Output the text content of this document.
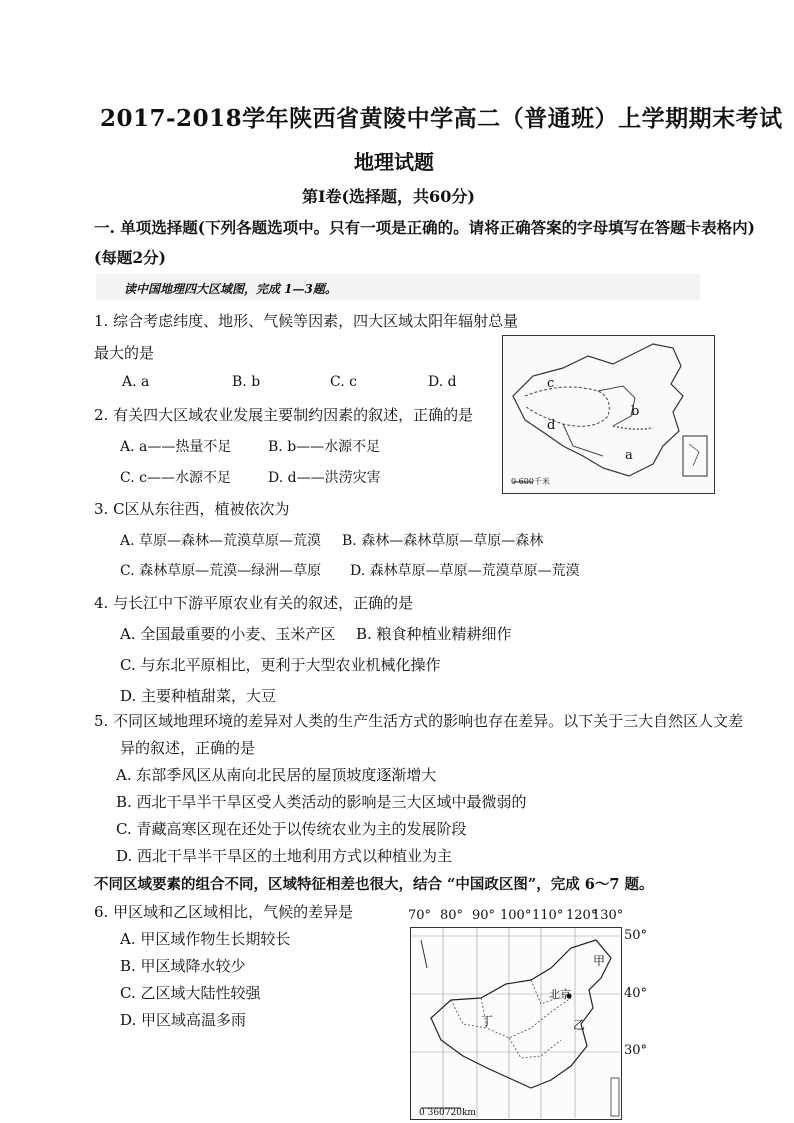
2017-2018学年陕西省黄陵中学高二（普通班）上学期期末考试
地理试题
第Ⅰ卷(选择题，共60分)
一. 单项选择题(下列各题选项中。只有一项是正确的。请将正确答案的字母填写在答题卡表格内)
(每题2分)
读中国地理四大区域图，完成 1—3题。
1. 综合考虑纬度、地形、气候等因素，四大区域太阳年辐射总量
最大的是
A. a	B. b	C. c	D. d
2. 有关四大区域农业发展主要制约因素的叙述，正确的是
A. a——热量不足	B. b——水源不足
C. c——水源不足	D. d——洪涝灾害
c
b
d
a
0 600千米
3. C区从东往西，植被依次为
A. 草原—森林—荒漠草原—荒漠 B. 森林—森林草原—草原—森林
C. 森林草原—荒漠—绿洲—草原 D. 森林草原—草原—荒漠草原—荒漠
4. 与长江中下游平原农业有关的叙述，正确的是
A. 全国最重要的小麦、玉米产区 B. 粮食种植业精耕细作
C. 与东北平原相比，更利于大型农业机械化操作
D. 主要种植甜菜，大豆
5. 不同区域地理环境的差异对人类的生产生活方式的影响也存在差异。以下关于三大自然区人文差
异的叙述，正确的是
A. 东部季风区从南向北民居的屋顶坡度逐渐增大
B. 西北干旱半干旱区受人类活动的影响是三大区域中最微弱的
C. 青藏高寒区现在还处于以传统农业为主的发展阶段
D. 西北干旱半干旱区的土地利用方式以种植业为主
不同区域要素的组合不同，区域特征相差也很大，结合 “中国政区图”，完成 6～7 题。
6. 甲区域和乙区域相比，气候的差异是
A. 甲区域作物生长期较长
B. 甲区域降水较少
C. 乙区域大陆性较强
D. 甲区域高温多雨
70° 80° 90° 100° 110° 120°
130°
甲
北京
丁	乙
0 360720km
50°
40°
30°
